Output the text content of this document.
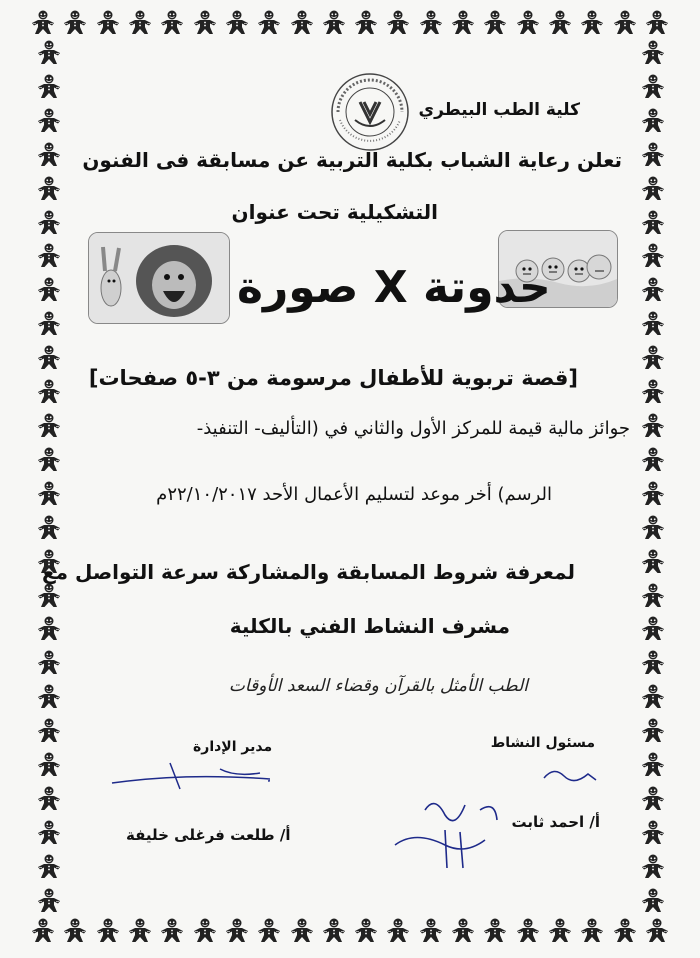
كلية الطب البيطري
تعلن رعاية الشباب بكلية التربية عن مسابقة فى الفنون
التشكيلية تحت عنوان
حدوتة X صورة
[قصة تربوية للأطفال مرسومة من ٣-٥ صفحات]
جوائز مالية قيمة للمركز الأول والثاني في (التأليف- التنفيذ-
الرسم) أخر موعد لتسليم الأعمال الأحد ٢٢/١٠/٢٠١٧م
لمعرفة شروط المسابقة والمشاركة سرعة التواصل مع
مشرف النشاط الفني بالكلية
الطب الأمثل بالقرآن وقضاء السعد الأوقات
مدير الإدارة	مسئول النشاط
أ/ طلعت فرغلى خليفة
أ/ احمد ثابت
